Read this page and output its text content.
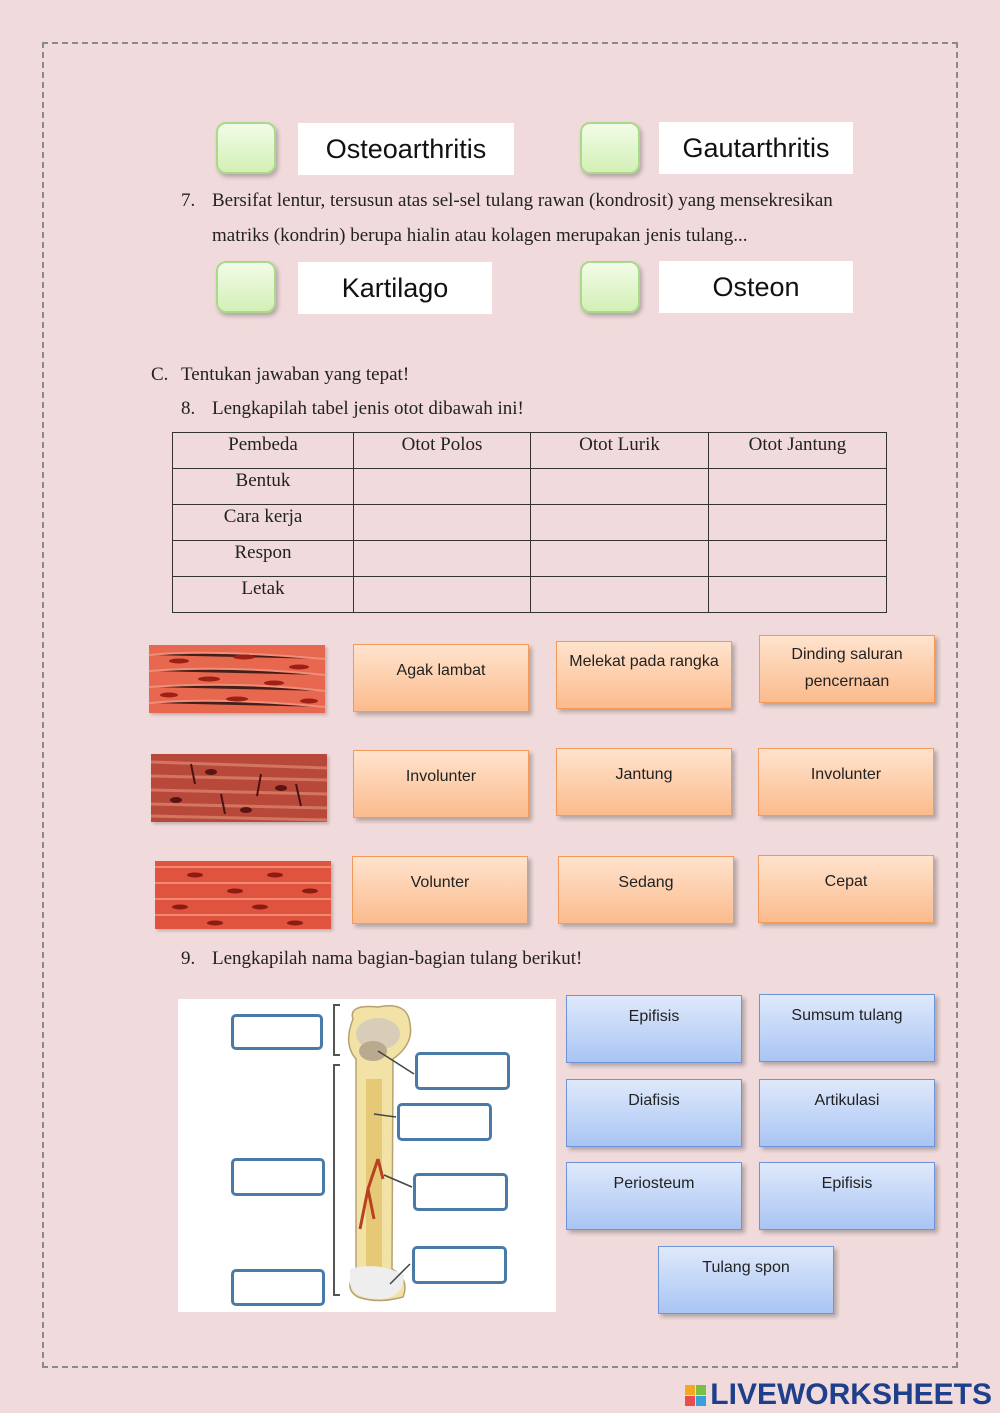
Osteoarthritis	Gautarthritis
7. Bersifat lentur, tersusun atas sel-sel tulang rawan (kondrosit) yang mensekresikan
matriks (kondrin) berupa hialin atau kolagen merupakan jenis tulang...
Kartilago	Osteon
C. Tentukan jawaban yang tepat!
8. Lengkapilah tabel jenis otot dibawah ini!
Pembeda	Otot Polos	Otot Lurik	Otot Jantung
Bentuk			
Cara kerja			
Respon			
Letak			
Agak lambat
Melekat pada rangka	Dinding saluran pencernaan
Involunter	Jantung	Involunter
Volunter	Sedang	Cepat
9. Lengkapilah nama bagian-bagian tulang berikut!
Epifisis	Sumsum tulang
Diafisis	Artikulasi
Periosteum	Epifisis
Tulang spon
LIVEWORKSHEETS
